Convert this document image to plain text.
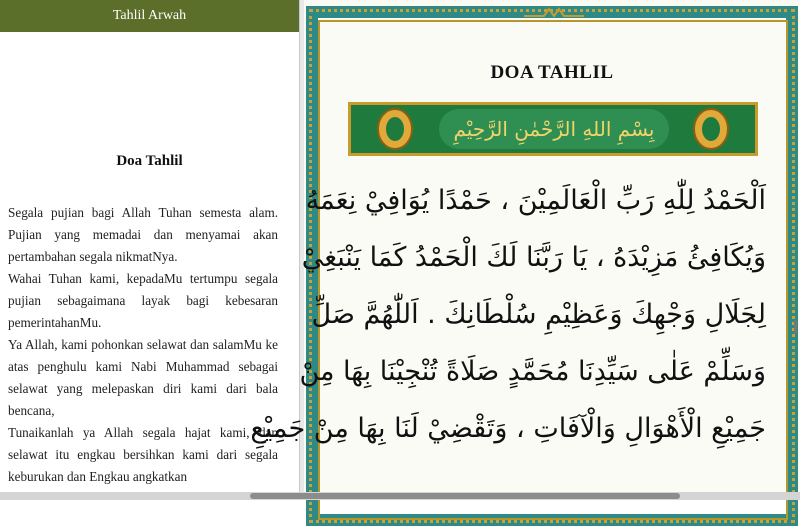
Tahlil Arwah
Doa Tahlil

Segala pujian bagi Allah Tuhan semesta alam. Pujian yang memadai dan menyamai akan pertambahan segala nikmatNya.

Wahai Tuhan kami, kepadaMu tertumpu segala pujian sebagaimana layak bagi kebesaran pemerintahanMu.

Ya Allah, kami pohonkan selawat dan salamMu ke atas penghulu kami Nabi Muhammad sebagai selawat yang melepaskan diri kami dari bala bencana,

Tunaikanlah ya Allah segala hajat kami, dan selawat itu engkau bersihkan kami dari segala keburukan dan Engkau angkatkan

DOA TAHLIL
بِسْمِ اللهِ الرَّحْمٰنِ الرَّحِيْمِ
اَلْحَمْدُ لِلّٰهِ رَبِّ الْعَالَمِيْنَ ، حَمْدًا يُوَافِيْ نِعَمَهُ
وَيُكَافِئُ مَزِيْدَهُ ، يَا رَبَّنَا لَكَ الْحَمْدُ كَمَا يَنْبَغِيْ
لِجَلَالِ وَجْهِكَ وَعَظِيْمِ سُلْطَانِكَ . اَللّٰهُمَّ صَلِّ
وَسَلِّمْ عَلٰى سَيِّدِنَا مُحَمَّدٍ صَلَاةً تُنْجِيْنَا بِهَا مِنْ
جَمِيْعِ الْأَهْوَالِ وَالْآفَاتِ ، وَتَقْضِيْ لَنَا بِهَا مِنْ جَمِيْعِ
